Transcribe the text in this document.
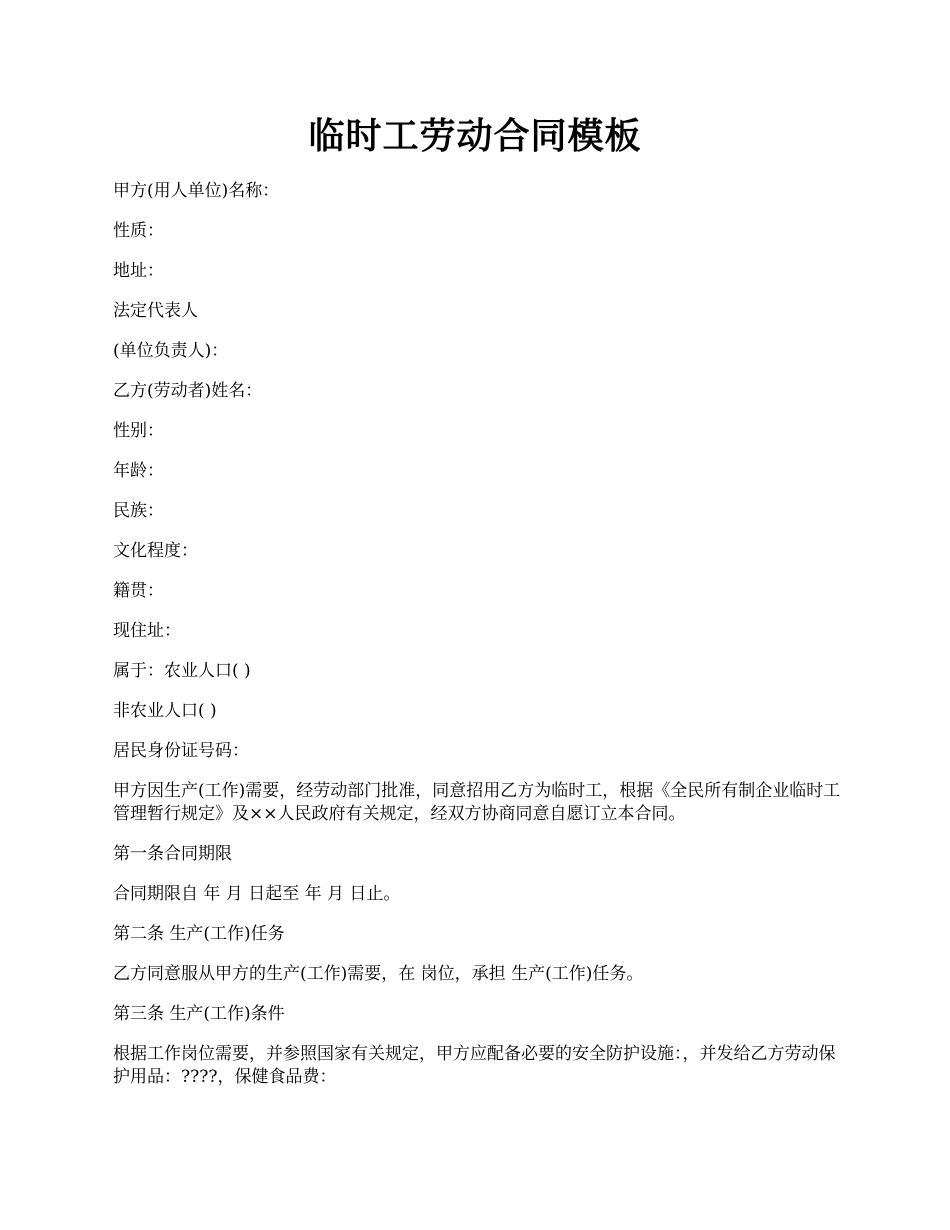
临时工劳动合同模板

甲方(用人单位)名称：

性质：

地址：

法定代表人

(单位负责人)：

乙方(劳动者)姓名：

性别：

年龄：

民族：

文化程度：

籍贯：

现住址：

属于：农业人口( )

非农业人口( )

居民身份证号码：

甲方因生产(工作)需要，经劳动部门批准，同意招用乙方为临时工，根据《全民所有制企业临时工管理暂行规定》及××人民政府有关规定，经双方协商同意自愿订立本合同。

第一条合同期限

合同期限自 年 月 日起至 年 月 日止。

第二条 生产(工作)任务

乙方同意服从甲方的生产(工作)需要，在 岗位，承担 生产(工作)任务。

第三条 生产(工作)条件

根据工作岗位需要，并参照国家有关规定，甲方应配备必要的安全防护设施：，并发给乙方劳动保护用品：????，保健食品费：
